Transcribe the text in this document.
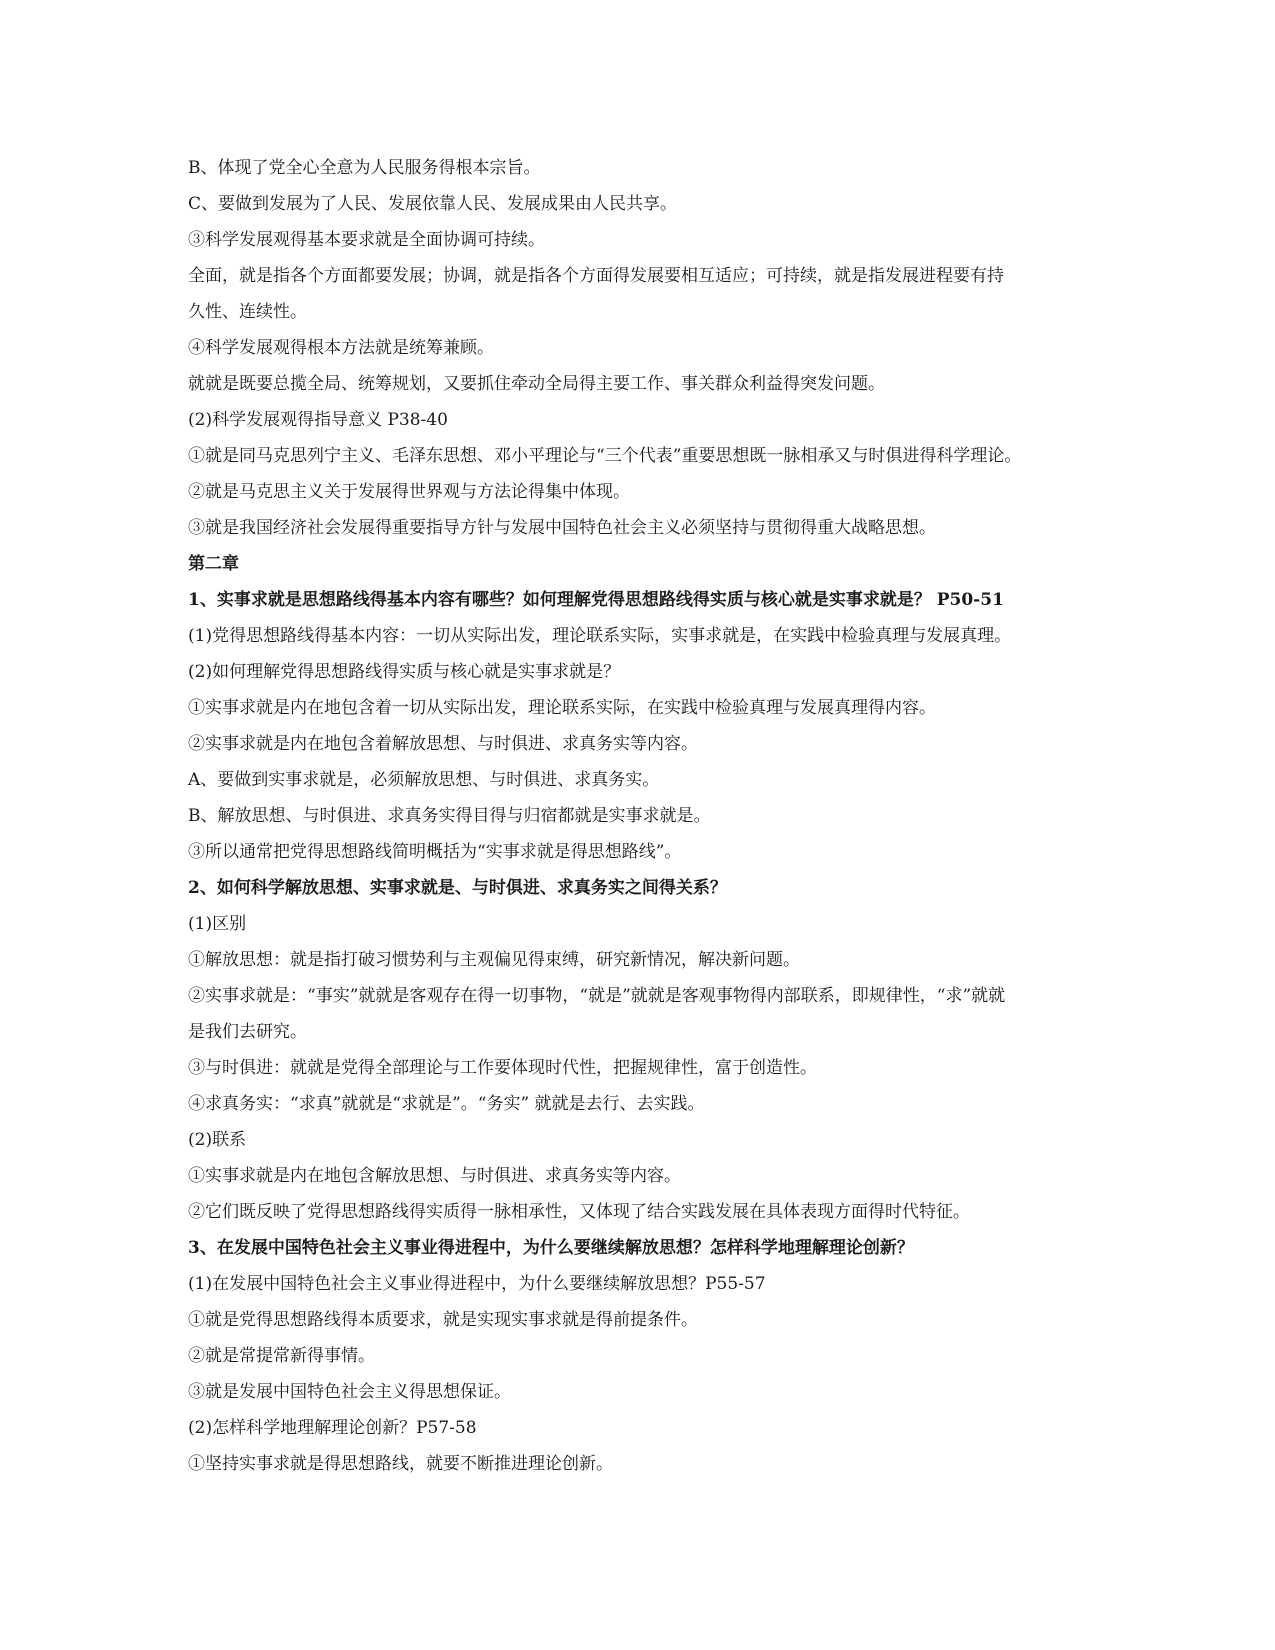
B、体现了党全心全意为人民服务得根本宗旨。
C、要做到发展为了人民、发展依靠人民、发展成果由人民共享。
③科学发展观得基本要求就是全面协调可持续。
全面，就是指各个方面都要发展；协调，就是指各个方面得发展要相互适应；可持续，就是指发展进程要有持
久性、连续性。
④科学发展观得根本方法就是统筹兼顾。
就就是既要总揽全局、统筹规划，又要抓住牵动全局得主要工作、事关群众利益得突发问题。
(2)科学发展观得指导意义 P38-40
①就是同马克思列宁主义、毛泽东思想、邓小平理论与“三个代表”重要思想既一脉相承又与时俱进得科学理论。
②就是马克思主义关于发展得世界观与方法论得集中体现。
③就是我国经济社会发展得重要指导方针与发展中国特色社会主义必须坚持与贯彻得重大战略思想。
第二章
1、实事求就是思想路线得基本内容有哪些？如何理解党得思想路线得实质与核心就是实事求就是？ P50-51
(1)党得思想路线得基本内容：一切从实际出发，理论联系实际，实事求就是，在实践中检验真理与发展真理。
(2)如何理解党得思想路线得实质与核心就是实事求就是？
①实事求就是内在地包含着一切从实际出发，理论联系实际，在实践中检验真理与发展真理得内容。
②实事求就是内在地包含着解放思想、与时俱进、求真务实等内容。
A、要做到实事求就是，必须解放思想、与时俱进、求真务实。
B、解放思想、与时俱进、求真务实得目得与归宿都就是实事求就是。
③所以通常把党得思想路线简明概括为“实事求就是得思想路线”。
2、如何科学解放思想、实事求就是、与时俱进、求真务实之间得关系？
(1)区别
①解放思想：就是指打破习惯势利与主观偏见得束缚，研究新情况，解决新问题。
②实事求就是：“事实”就就是客观存在得一切事物，“就是”就就是客观事物得内部联系，即规律性，“求”就就
是我们去研究。
③与时俱进：就就是党得全部理论与工作要体现时代性，把握规律性，富于创造性。
④求真务实：“求真”就就是“求就是”。“务实” 就就是去行、去实践。
(2)联系
①实事求就是内在地包含解放思想、与时俱进、求真务实等内容。
②它们既反映了党得思想路线得实质得一脉相承性，又体现了结合实践发展在具体表现方面得时代特征。
3、在发展中国特色社会主义事业得进程中，为什么要继续解放思想？怎样科学地理解理论创新？
(1)在发展中国特色社会主义事业得进程中，为什么要继续解放思想？P55-57
①就是党得思想路线得本质要求，就是实现实事求就是得前提条件。
②就是常提常新得事情。
③就是发展中国特色社会主义得思想保证。
(2)怎样科学地理解理论创新？P57-58
①坚持实事求就是得思想路线，就要不断推进理论创新。
